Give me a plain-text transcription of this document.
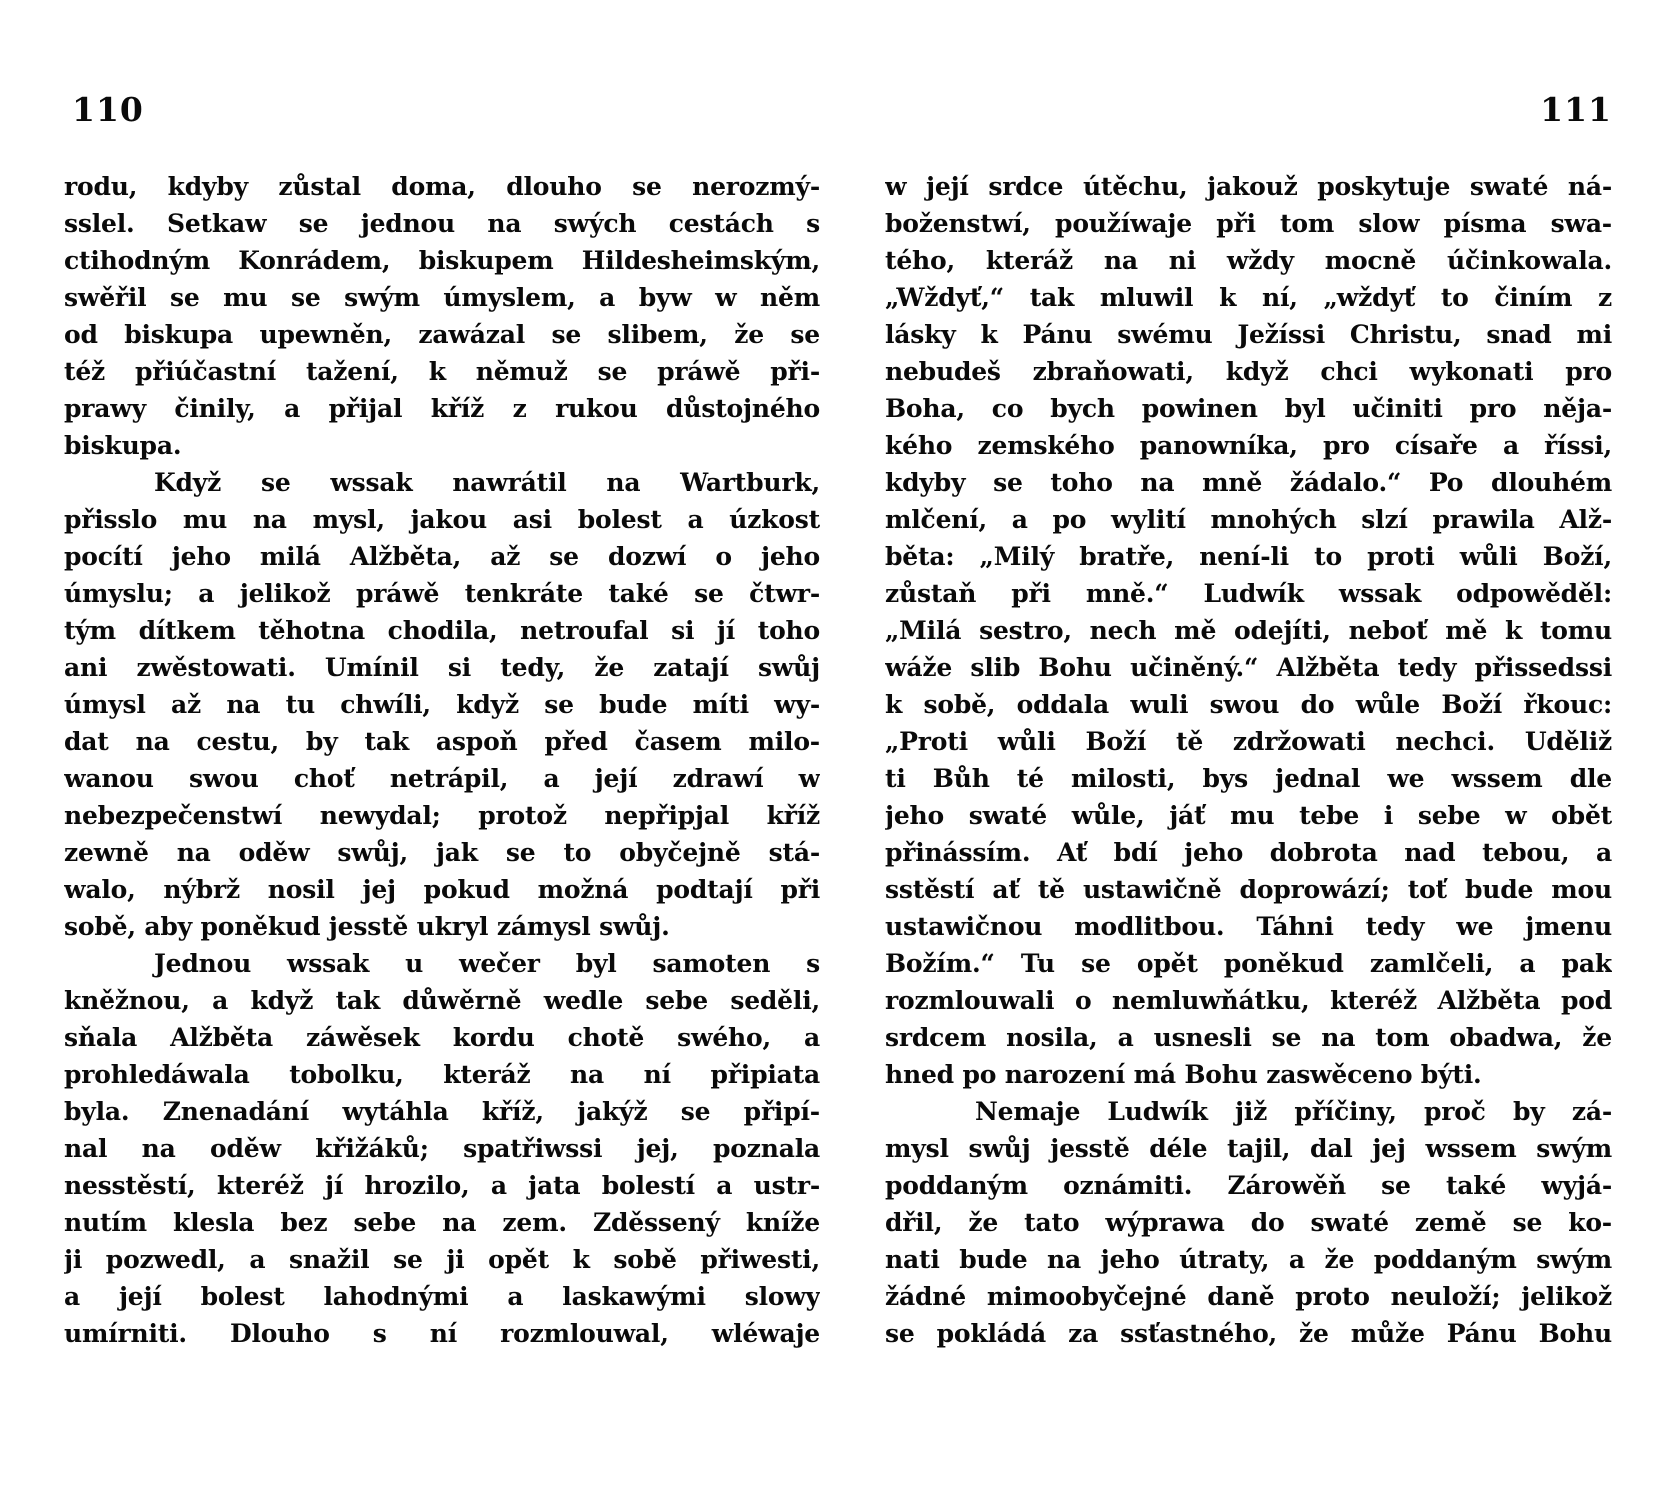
110	111
rodu, kdyby zůstal doma, dlouho se nerozmý-
sslel. Setkaw se jednou na swých cestách s
ctihodným Konrádem, biskupem Hildesheimským,
swěřil se mu se swým úmyslem, a byw w něm
od biskupa upewněn, zawázal se slibem, že se
též přiúčastní tažení, k němuž se práwě při-
prawy činily, a přijal kříž z rukou důstojného
biskupa.
Když se wssak nawrátil na Wartburk,
přisslo mu na mysl, jakou asi bolest a úzkost
pocítí jeho milá Alžběta, až se dozwí o jeho
úmyslu; a jelikož práwě tenkráte také se čtwr-
tým dítkem těhotna chodila, netroufal si jí toho
ani zwěstowati. Umínil si tedy, že zatají swůj
úmysl až na tu chwíli, když se bude míti wy-
dat na cestu, by tak aspoň před časem milo-
wanou swou choť netrápil, a její zdrawí w
nebezpečenstwí newydal; protož nepřipjal kříž
zewně na oděw swůj, jak se to obyčejně stá-
walo, nýbrž nosil jej pokud možná podtají při
sobě, aby poněkud jesstě ukryl zámysl swůj.
Jednou wssak u wečer byl samoten s
kněžnou, a když tak důwěrně wedle sebe seděli,
sňala Alžběta záwěsek kordu chotě swého, a
prohledáwala tobolku, kteráž na ní připiata
byla. Znenadání wytáhla kříž, jakýž se připí-
nal na oděw křižáků; spatřiwssi jej, poznala
nesstěstí, kteréž jí hrozilo, a jata bolestí a ustr-
nutím klesla bez sebe na zem. Zděssený kníže
ji pozwedl, a snažil se ji opět k sobě přiwesti,
a její bolest lahodnými a laskawými slowy
umírniti. Dlouho s ní rozmlouwal, wléwaje
w její srdce útěchu, jakouž poskytuje swaté ná-
boženstwí, použíwaje při tom slow písma swa-
tého, kteráž na ni wždy mocně účinkowala.
„Wždyť,“ tak mluwil k ní, „wždyť to činím z
lásky k Pánu swému Ježíssi Christu, snad mi
nebudeš zbraňowati, když chci wykonati pro
Boha, co bych powinen byl učiniti pro něja-
kého zemského panowníka, pro císaře a říssi,
kdyby se toho na mně žádalo.“ Po dlouhém
mlčení, a po wylití mnohých slzí prawila Alž-
běta: „Milý bratře, není-li to proti wůli Boží,
zůstaň při mně.“ Ludwík wssak odpowěděl:
„Milá sestro, nech mě odejíti, neboť mě k tomu
wáže slib Bohu učiněný.“ Alžběta tedy přissedssi
k sobě, oddala wuli swou do wůle Boží řkouc:
„Proti wůli Boží tě zdržowati nechci. Uděliž
ti Bůh té milosti, bys jednal we wssem dle
jeho swaté wůle, jáť mu tebe i sebe w obět
přinássím. Ať bdí jeho dobrota nad tebou, a
sstěstí ať tě ustawičně doprowází; toť bude mou
ustawičnou modlitbou. Táhni tedy we jmenu
Božím.“ Tu se opět poněkud zamlčeli, a pak
rozmlouwali o nemluwňátku, kteréž Alžběta pod
srdcem nosila, a usnesli se na tom obadwa, že
hned po narození má Bohu zaswěceno býti.
Nemaje Ludwík již příčiny, proč by zá-
mysl swůj jesstě déle tajil, dal jej wssem swým
poddaným oznámiti. Zárowěň se také wyjá-
dřil, že tato wýprawa do swaté země se ko-
nati bude na jeho útraty, a že poddaným swým
žádné mimoobyčejné daně proto neuloží; jelikož
se pokládá za ssťastného, že může Pánu Bohu
